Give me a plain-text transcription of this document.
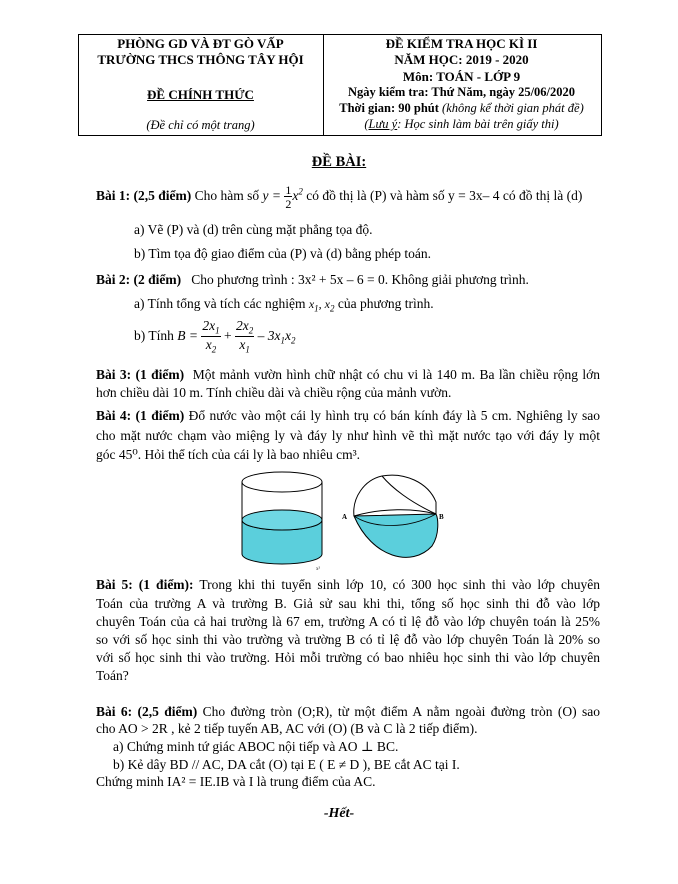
PHÒNG GD VÀ ĐT GÒ VẤP
TRƯỜNG THCS THÔNG TÂY HỘI
ĐỀ CHÍNH THỨC
(Đề chỉ có một trang)
ĐỀ KIỂM TRA HỌC KÌ II
NĂM HỌC: 2019 - 2020
Môn: TOÁN - LỚP 9
Ngày kiểm tra: Thứ Năm, ngày 25/06/2020
Thời gian: 90 phút (không kể thời gian phát đề)
(Lưu ý: Học sinh làm bài trên giấy thi)
ĐỀ BÀI:
Bài 1: (2,5 điểm) Cho hàm số $y = \frac{1}{2} x^2$ có đồ thị là (P) và hàm số y = 3x– 4 có đồ thị là (d)
a) Vẽ (P) và (d) trên cùng mặt phẳng tọa độ.
b) Tìm tọa độ giao điểm của (P) và (d) bằng phép toán.
Bài 2: (2 điểm) Cho phương trình : 3x² + 5x – 6 = 0. Không giải phương trình.
a) Tính tổng và tích các nghiệm $x_1$, $x_2$ của phương trình.
b) Tính $B = \frac{2x_1}{x_2} + \frac{2x_2}{x_1} - 3x_1x_2$
Bài 3: (1 điểm) Một mảnh vườn hình chữ nhật có chu vi là 140 m. Ba lần chiều rộng lớn
hơn chiều dài 10 m. Tính chiều dài và chiều rộng của mảnh vườn.
Bài 4: (1 điểm) Đổ nước vào một cái ly hình trụ có bán kính đáy là 5 cm. Nghiêng ly sao
cho mặt nước chạm vào miệng ly và đáy ly như hình vẽ thì mặt nước tạo với đáy ly một
góc 45⁰. Hỏi thể tích của cái ly là bao nhiêu cm³.
x²
A	B
Bài 5: (1 điểm): Trong khi thi tuyển sinh lớp 10, có 300 học sinh thi vào lớp chuyên
Toán của trường A và trường B. Giả sử sau khi thi, tổng số học sinh thi đỗ vào lớp
chuyên Toán của cả hai trường là 67 em, trường A có tỉ lệ đỗ vào lớp chuyên toán là 25%
so với số học sinh thi vào trường và trường B có tỉ lệ đỗ vào lớp chuyên Toán là 20% so
với số học sinh thi vào trường. Hỏi mỗi trường có bao nhiêu học sinh thi vào lớp chuyên
Toán?
Bài 6: (2,5 điểm) Cho đường tròn (O;R), từ một điểm A nằm ngoài đường tròn (O) sao
cho AO > 2R , kẻ 2 tiếp tuyến AB, AC với (O) (B và C là 2 tiếp điểm).
a) Chứng minh tứ giác ABOC nội tiếp và AO ⊥ BC.
b) Kẻ dây BD // AC, DA cắt (O) tại E ( E ≠ D ), BE cắt AC tại I.
Chứng minh IA² = IE.IB và I là trung điểm của AC.
-Hết-
